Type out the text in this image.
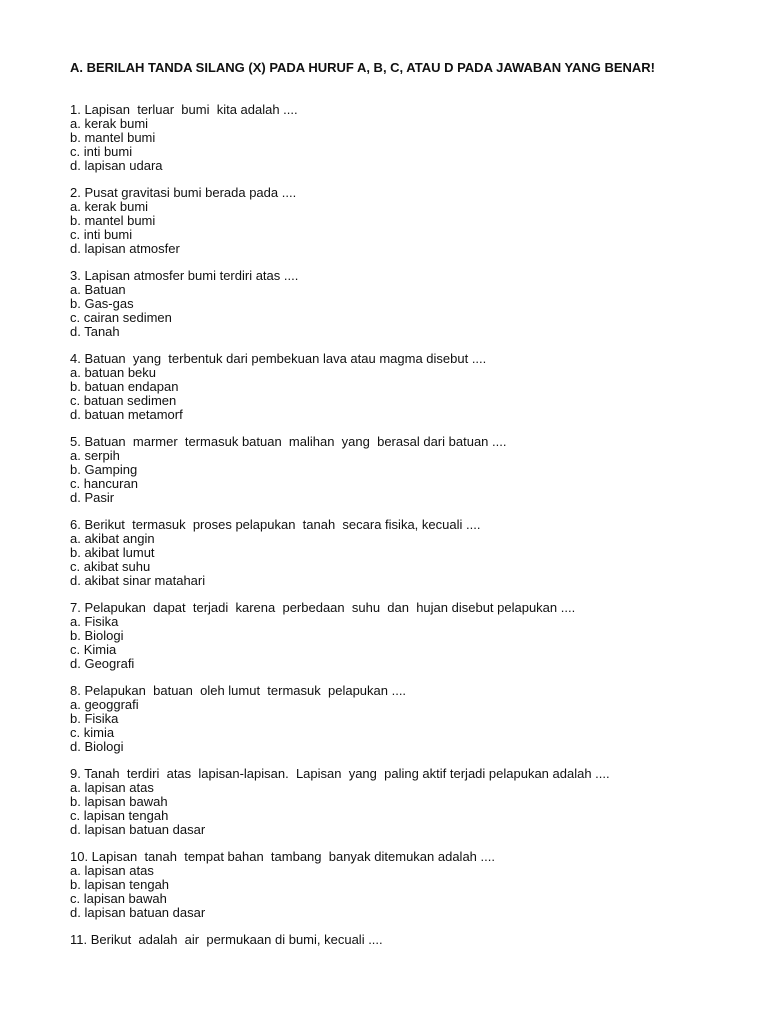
A. BERILAH TANDA SILANG (X) PADA HURUF A, B, C, ATAU D PADA JAWABAN YANG BENAR!

1. Lapisan  terluar  bumi  kita adalah ....
a. kerak bumi
b. mantel bumi
c. inti bumi
d. lapisan udara
2. Pusat gravitasi bumi berada pada ....
a. kerak bumi
b. mantel bumi
c. inti bumi
d. lapisan atmosfer
3. Lapisan atmosfer bumi terdiri atas ....
a. Batuan
b. Gas-gas
c. cairan sedimen
d. Tanah
4. Batuan  yang  terbentuk dari pembekuan lava atau magma disebut ....
a. batuan beku
b. batuan endapan
c. batuan sedimen
d. batuan metamorf
5. Batuan  marmer  termasuk batuan  malihan  yang  berasal dari batuan ....
a. serpih
b. Gamping
c. hancuran
d. Pasir
6. Berikut  termasuk  proses pelapukan  tanah  secara fisika, kecuali ....
a. akibat angin
b. akibat lumut
c. akibat suhu
d. akibat sinar matahari
7. Pelapukan  dapat  terjadi  karena  perbedaan  suhu  dan  hujan disebut pelapukan ....
a. Fisika
b. Biologi
c. Kimia
d. Geografi
8. Pelapukan  batuan  oleh lumut  termasuk  pelapukan ....
a. geoggrafi
b. Fisika
c. kimia
d. Biologi
9. Tanah  terdiri  atas  lapisan-lapisan.  Lapisan  yang  paling aktif terjadi pelapukan adalah ....
a. lapisan atas
b. lapisan bawah
c. lapisan tengah
d. lapisan batuan dasar
10. Lapisan  tanah  tempat bahan  tambang  banyak ditemukan adalah ....
a. lapisan atas
b. lapisan tengah
c. lapisan bawah
d. lapisan batuan dasar
11. Berikut  adalah  air  permukaan di bumi, kecuali ....
